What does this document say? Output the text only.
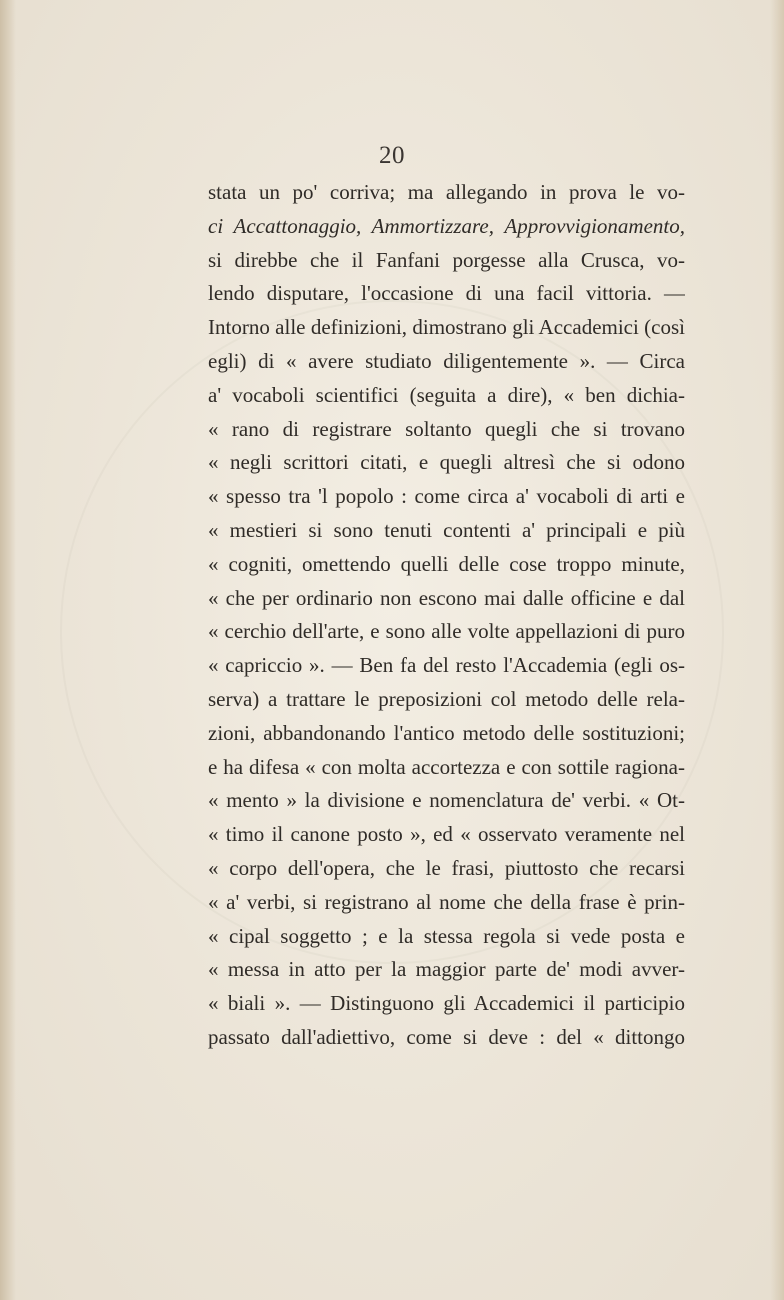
20
stata un po' corriva; ma allegando in prova le vo-
ci Accattonaggio, Ammortizzare, Approvvigionamento,
si direbbe che il Fanfani porgesse alla Crusca, vo-
lendo disputare, l'occasione di una facil vittoria. —
Intorno alle definizioni, dimostrano gli Accademici (così
egli) di « avere studiato diligentemente ». — Circa
a' vocaboli scientifici (seguita a dire), « ben dichia-
« rano di registrare soltanto quegli che si trovano
« negli scrittori citati, e quegli altresì che si odono
« spesso tra 'l popolo : come circa a' vocaboli di arti e
« mestieri si sono tenuti contenti a' principali e più
« cogniti, omettendo quelli delle cose troppo minute,
« che per ordinario non escono mai dalle officine e dal
« cerchio dell'arte, e sono alle volte appellazioni di puro
« capriccio ». — Ben fa del resto l'Accademia (egli os-
serva) a trattare le preposizioni col metodo delle rela-
zioni, abbandonando l'antico metodo delle sostituzioni;
e ha difesa « con molta accortezza e con sottile ragiona-
« mento » la divisione e nomenclatura de' verbi. « Ot-
« timo il canone posto », ed « osservato veramente nel
« corpo dell'opera, che le frasi, piuttosto che recarsi
« a' verbi, si registrano al nome che della frase è prin-
« cipal soggetto ; e la stessa regola si vede posta e
« messa in atto per la maggior parte de' modi avver-
« biali ». — Distinguono gli Accademici il participio
passato dall'adiettivo, come si deve : del « dittongo
